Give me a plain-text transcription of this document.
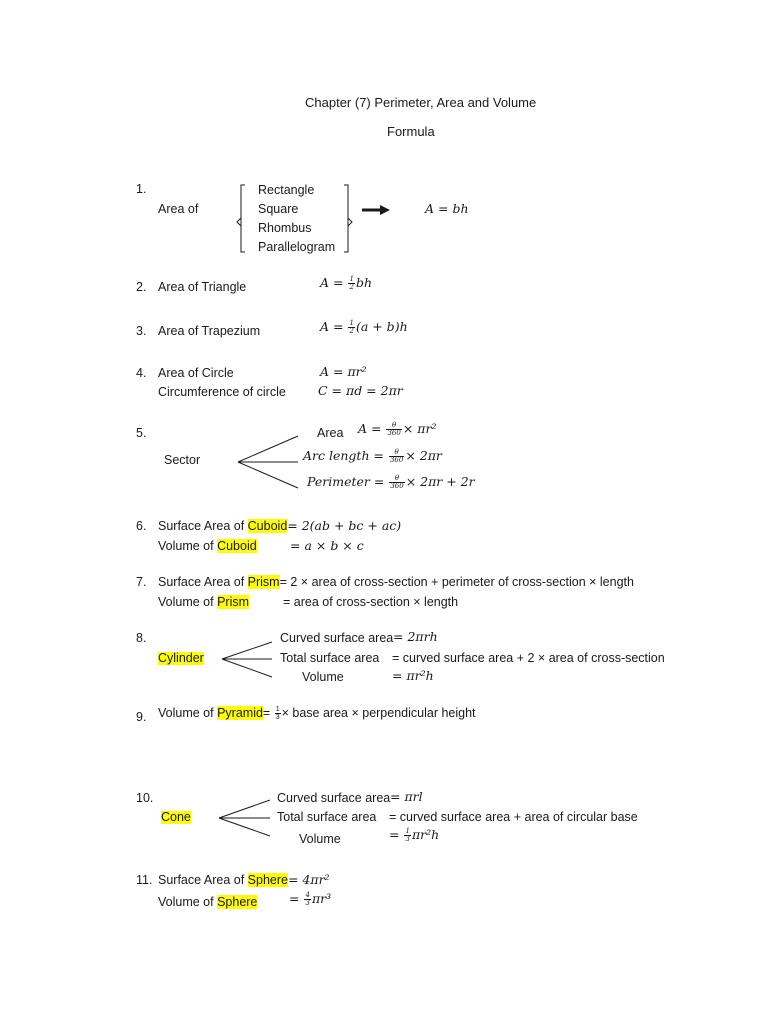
Chapter (7) Perimeter, Area and Volume
Formula
1.
Area of
Rectangle
Square
Rhombus
Parallelogram
A = bh
2. Area of Triangle	$A = \frac{1}{2}$ bh
3. Area of Trapezium	$A = \frac{1}{2} (a + b)h$
4. Area of Circle	A = πr²
Circumference of circle	C = πd = 2πr
5.
Sector
Area $A = \frac{\theta}{360} \times \pi r^2$
Arc length = $\frac{\theta}{360} \times 2\pi r$
Perimeter = $\frac{\theta}{360} \times 2\pi r + 2r$
6. Surface Area of Cuboid= 2(ab + bc + ac)
Volume of Cuboid	= a × b × c
7. Surface Area of Prism= 2 × area of cross-section + perimeter of cross-section × length
Volume of Prism	= area of cross-section × length
8.
Cylinder
Curved surface area = 2πrh
Total surface area = curved surface area + 2 × area of cross-section
Volume	= πr²h
9. Volume of Pyramid= $\frac{1}{3}$ × base area × perpendicular height
10.
Cone
Curved surface area = πrl
Total surface area = curved surface area + area of circular base
Volume	= $\frac{1}{3} \pi r^2h$
11. Surface Area of Sphere= 4πr²
Volume of Sphere	= $\frac{4}{3} \pi r^3$
